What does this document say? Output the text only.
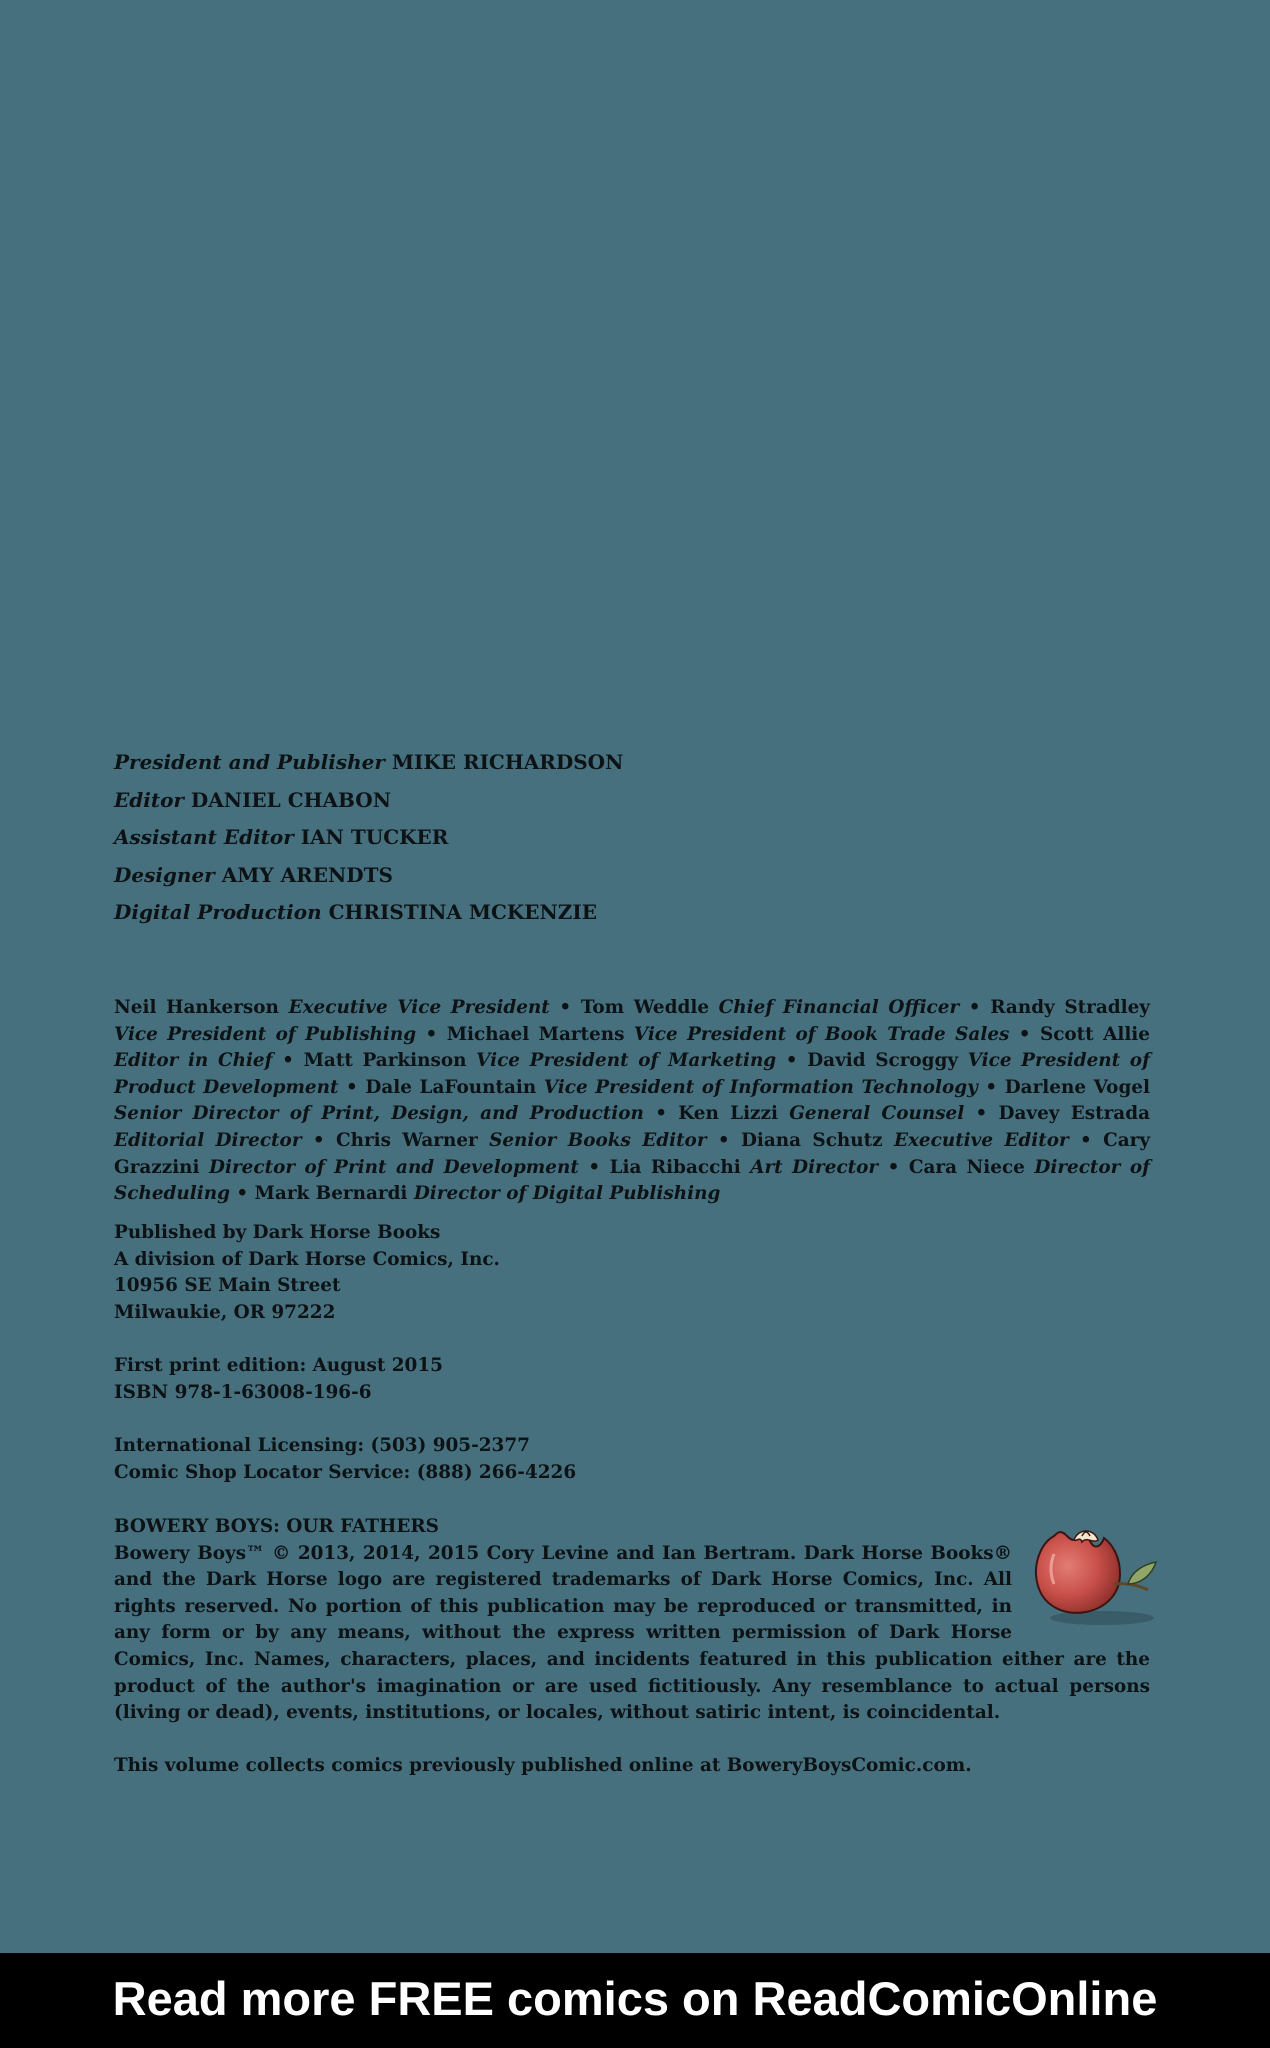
President and Publisher MIKE RICHARDSON
Editor DANIEL CHABON
Assistant Editor IAN TUCKER
Designer AMY ARENDTS
Digital Production CHRISTINA MCKENZIE
Neil Hankerson Executive Vice President • Tom Weddle Chief Financial Officer • Randy Stradley Vice President of Publishing • Michael Martens Vice President of Book Trade Sales • Scott Allie Editor in Chief • Matt Parkinson Vice President of Marketing • David Scroggy Vice President of Product Development • Dale LaFountain Vice President of Information Technology • Darlene Vogel Senior Director of Print, Design, and Production • Ken Lizzi General Counsel • Davey Estrada Editorial Director • Chris Warner Senior Books Editor • Diana Schutz Executive Editor • Cary Grazzini Director of Print and Development • Lia Ribacchi Art Director • Cara Niece Director of Scheduling • Mark Bernardi Director of Digital Publishing
Published by Dark Horse Books
A division of Dark Horse Comics, Inc.
10956 SE Main Street
Milwaukie, OR 97222
First print edition: August 2015
ISBN 978-1-63008-196-6
International Licensing: (503) 905-2377
Comic Shop Locator Service: (888) 266-4226
BOWERY BOYS: OUR FATHERS
Bowery Boys™ © 2013, 2014, 2015 Cory Levine and Ian Bertram. Dark Horse Books® and the Dark Horse logo are registered trademarks of Dark Horse Comics, Inc. All rights reserved. No portion of this publication may be reproduced or transmitted, in any form or by any means, without the express written permission of Dark Horse Comics, Inc. Names, characters, places, and incidents featured in this publication either are the product of the author's imagination or are used fictitiously. Any resemblance to actual persons (living or dead), events, institutions, or locales, without satiric intent, is coincidental.
This volume collects comics previously published online at BoweryBoysComic.com.
Read more FREE comics on ReadComicOnline
